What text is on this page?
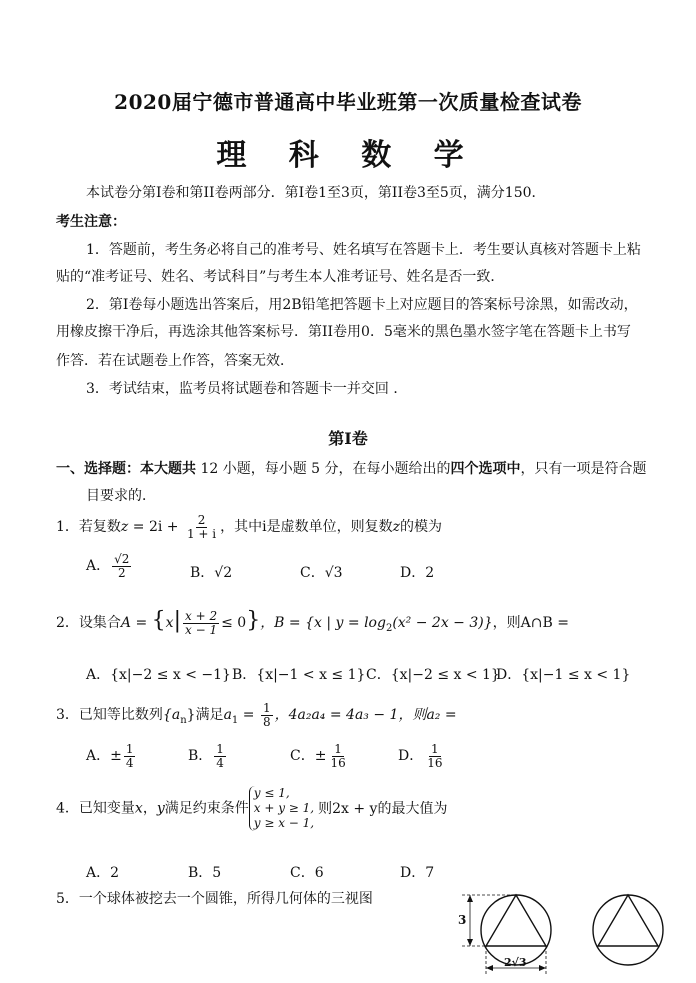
2020届宁德市普通高中毕业班第一次质量检查试卷
理 科 数 学
本试卷分第I卷和第II卷两部分．第I卷1至3页，第II卷3至5页，满分150．
考生注意：
1．答题前，考生务必将自己的准考号、姓名填写在答题卡上．考生要认真核对答题卡上粘
贴的“准考证号、姓名、考试科目”与考生本人准考证号、姓名是否一致．
2．第I卷每小题选出答案后，用2B铅笔把答题卡上对应题目的答案标号涂黑，如需改动，
用橡皮擦干净后，再选涂其他答案标号．第II卷用0．5毫米的黑色墨水签字笔在答题卡上书写
作答．若在试题卷上作答，答案无效．
3．考试结束，监考员将试题卷和答题卡一并交回 ．
第I卷
一、选择题：本大题共 12 小题，每小题 5 分，在每小题给出的四个选项中，只有一项是符合题
目要求的．
1．若复数$z = 2i + \frac{2}{1 + i}$ ，其中i是虚数单位，则复数z的模为
A． $\frac{√2}{2}$	B．√2	C．√3	D．2
2．设集合$A = \{x| \frac{x + 2}{x - 1} \le 0\}$，B = {x | $y = \log_2(x^2 - 2x - 3)$}，则A∩B =
A．{x|−2 ≤ x < −1} B．{x|−1 < x ≤ 1} C．{x|−2 ≤ x < 1}
D．{x|−1 ≤ x < 1}
3．已知等比数列$\{a_n\}$满足$a_1 = \frac{1}{8}$ ，4a₂a₄ = 4a₃ − 1，则a₂ =
A．± $\frac{1}{4}$	B． $\frac{1}{4}$	C．± $\frac{1}{16}$	D． $\frac{1}{16}$
4．已知变量x，y满足约束条件
y ≤ 1,
x + y ≥ 1,
y ≥ x − 1,
则2x + y的最大值为
A．2	B．5	C．6	D．7
5．一个球体被挖去一个圆锥，所得几何体的三视图
3
2√3
